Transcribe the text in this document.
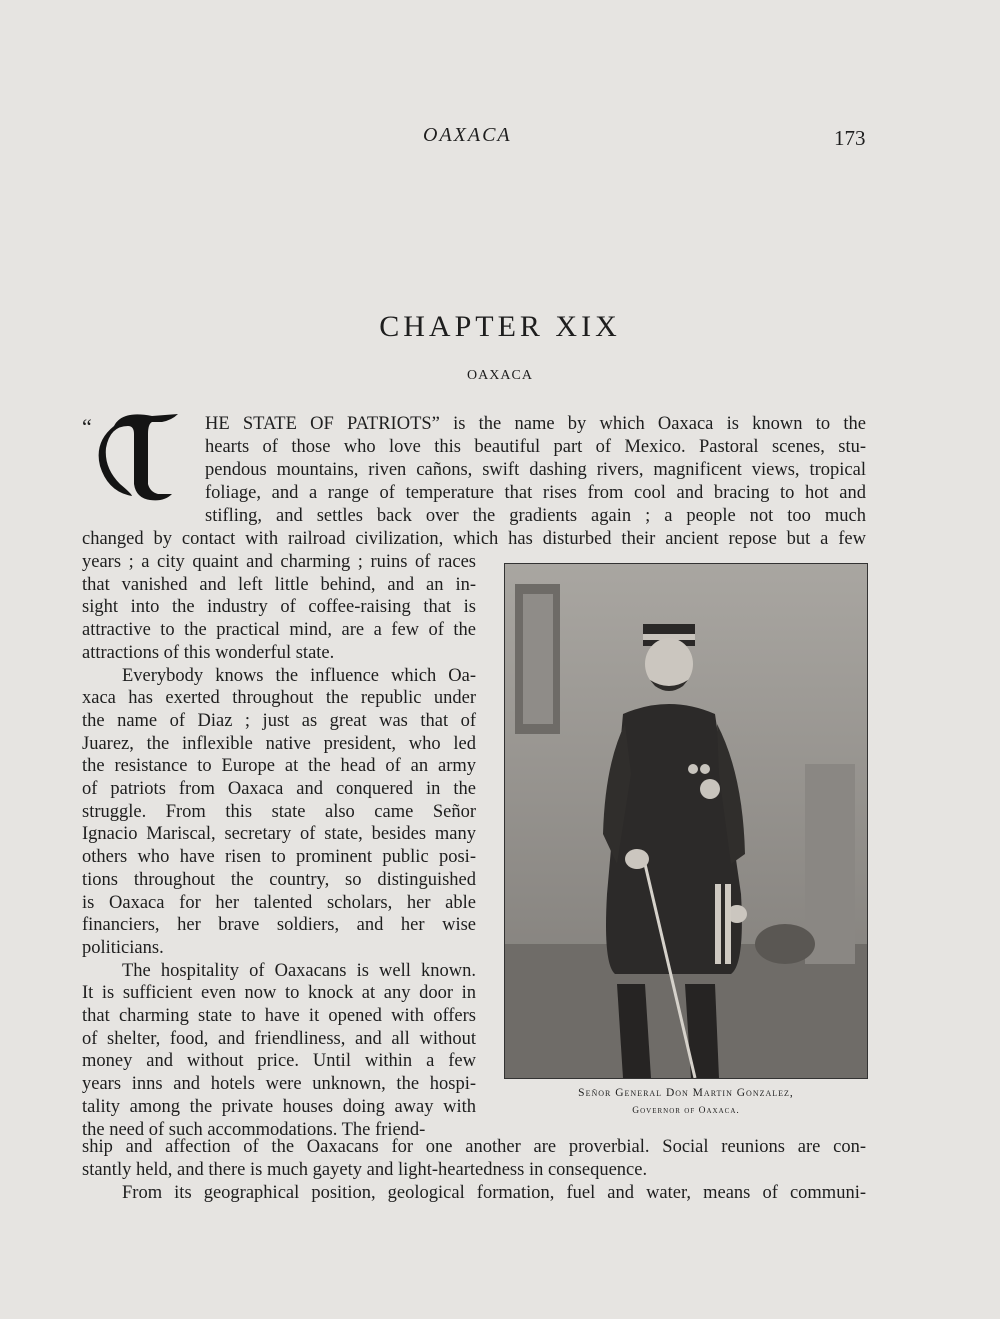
OAXACA	173
CHAPTER XIX
OAXACA
“	HE STATE OF PATRIOTS” is the name by which Oaxaca is known to the
hearts of those who love this beautiful part of Mexico. Pastoral scenes, stu-
pendous mountains, riven cañons, swift dashing rivers, magnificent views, tropical
foliage, and a range of temperature that rises from cool and bracing to hot and
stifling, and settles back over the gradients again ; a people not too much
changed by contact with railroad civilization, which has disturbed their ancient repose but a few
years ; a city quaint and charming ; ruins of races
that vanished and left little behind, and an in-
sight into the industry of coffee-raising that is
attractive to the practical mind, are a few of the
attractions of this wonderful state.
Everybody knows the influence which Oa-
xaca has exerted throughout the republic under
the name of Diaz ; just as great was that of
Juarez, the inflexible native president, who led
the resistance to Europe at the head of an army
of patriots from Oaxaca and conquered in the
struggle. From this state also came Señor
Ignacio Mariscal, secretary of state, besides many
others who have risen to prominent public posi-
tions throughout the country, so distinguished
is Oaxaca for her talented scholars, her able
financiers, her brave soldiers, and her wise
politicians.
The hospitality of Oaxacans is well known.
It is sufficient even now to knock at any door in
that charming state to have it opened with offers
of shelter, food, and friendliness, and all without
money and without price. Until within a few
years inns and hotels were unknown, the hospi-
tality among the private houses doing away with
the need of such accommodations. The friend-
ship and affection of the Oaxacans for one another are proverbial. Social reunions are con-
stantly held, and there is much gayety and light-heartedness in consequence.
From its geographical position, geological formation, fuel and water, means of communi-
Señor General Don Martin Gonzalez,
Governor of Oaxaca.
